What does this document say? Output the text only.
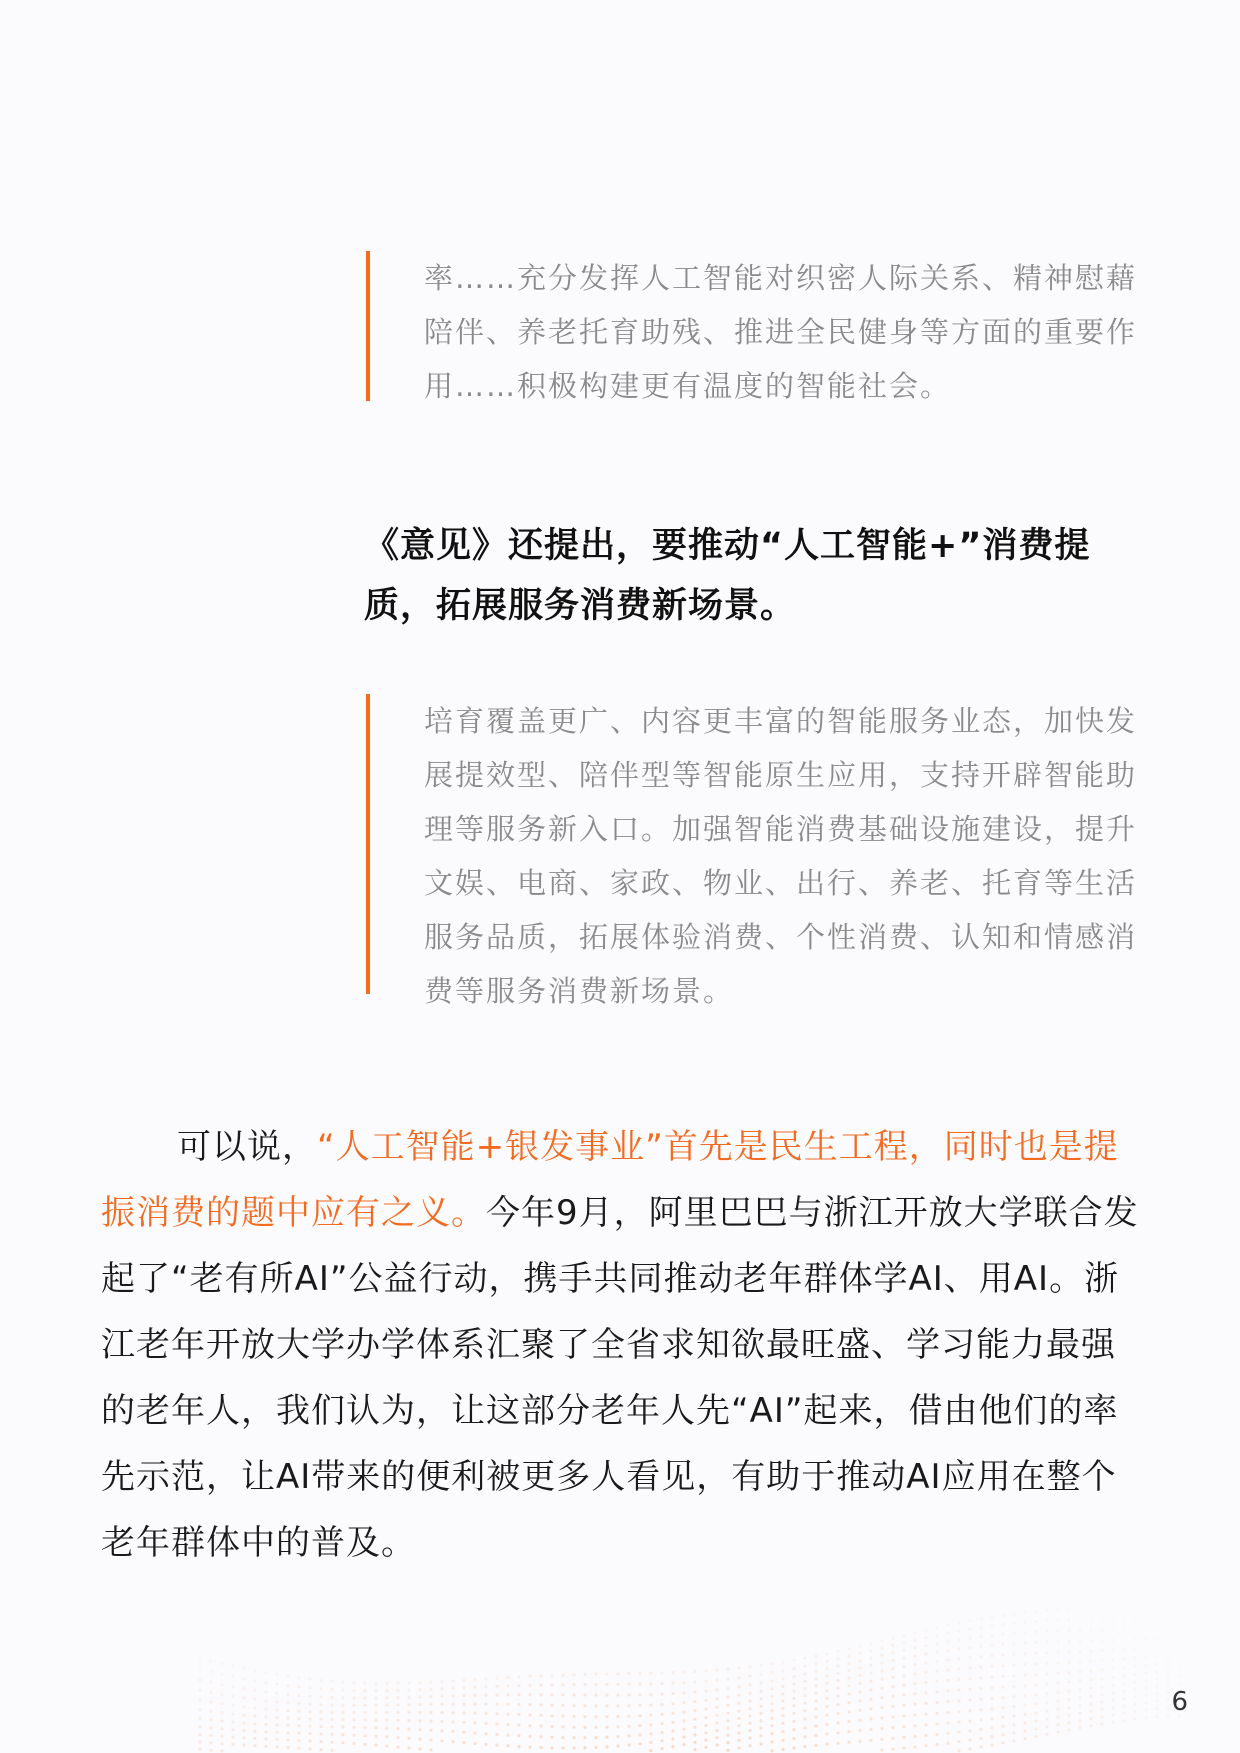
率……充分发挥人工智能对织密人际关系、精神慰藉陪伴、养老托育助残、推进全民健身等方面的重要作用……积极构建更有温度的智能社会。

《意见》还提出，要推动“人工智能+”消费提质，拓展服务消费新场景。

培育覆盖更广、内容更丰富的智能服务业态，加快发展提效型、陪伴型等智能原生应用，支持开辟智能助理等服务新入口。加强智能消费基础设施建设，提升文娱、电商、家政、物业、出行、养老、托育等生活服务品质，拓展体验消费、个性消费、认知和情感消费等服务消费新场景。

可以说，“人工智能+银发事业”首先是民生工程，同时也是提振消费的题中应有之义。今年9月，阿里巴巴与浙江开放大学联合发起了“老有所AI”公益行动，携手共同推动老年群体学AI、用AI。浙江老年开放大学办学体系汇聚了全省求知欲最旺盛、学习能力最强的老年人，我们认为，让这部分老年人先“AI”起来，借由他们的率先示范，让AI带来的便利被更多人看见，有助于推动AI应用在整个老年群体中的普及。

6
